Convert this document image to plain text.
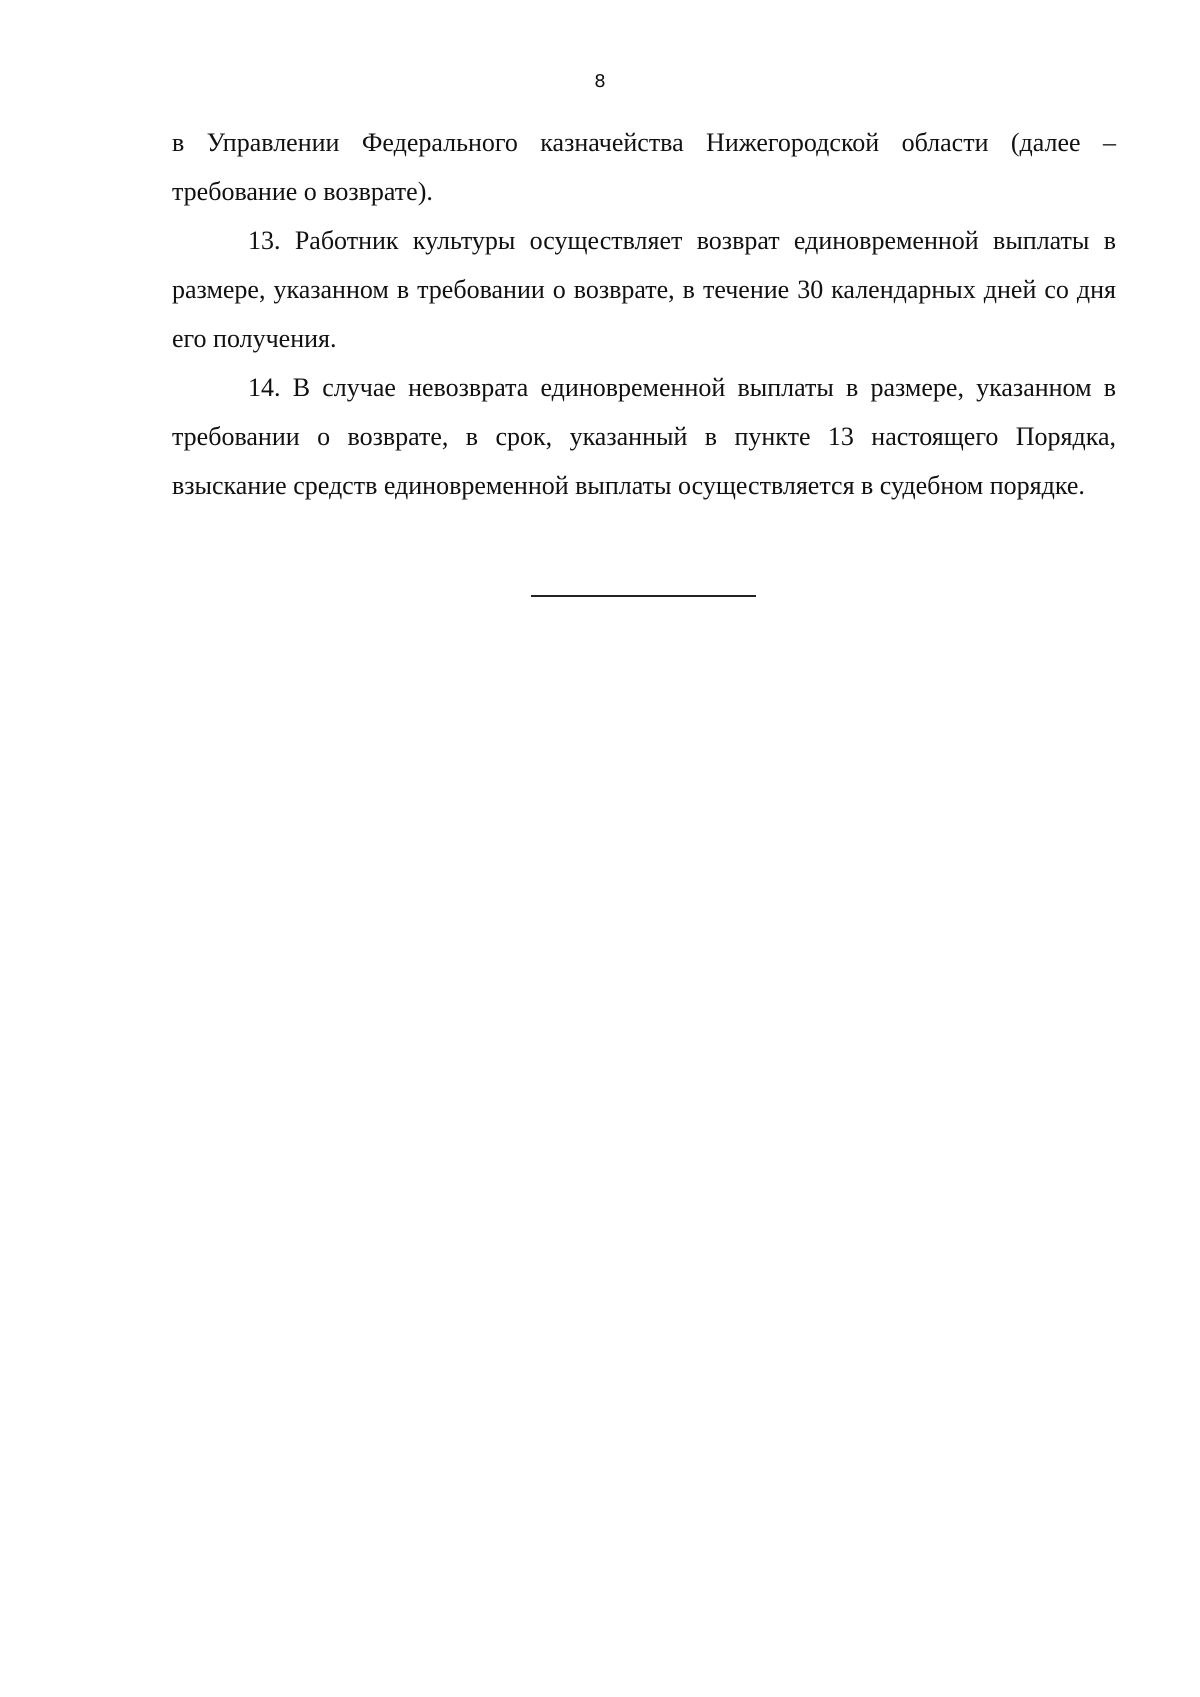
8

в Управлении Федерального казначейства Нижегородской области (далее – требование о возврате).

13. Работник культуры осуществляет возврат единовременной выплаты в размере, указанном в требовании о возврате, в течение 30 календарных дней со дня его получения.

14. В случае невозврата единовременной выплаты в размере, указанном в требовании о возврате, в срок, указанный в пункте 13 настоящего Порядка, взыскание средств единовременной выплаты осуществляется в судебном порядке.
